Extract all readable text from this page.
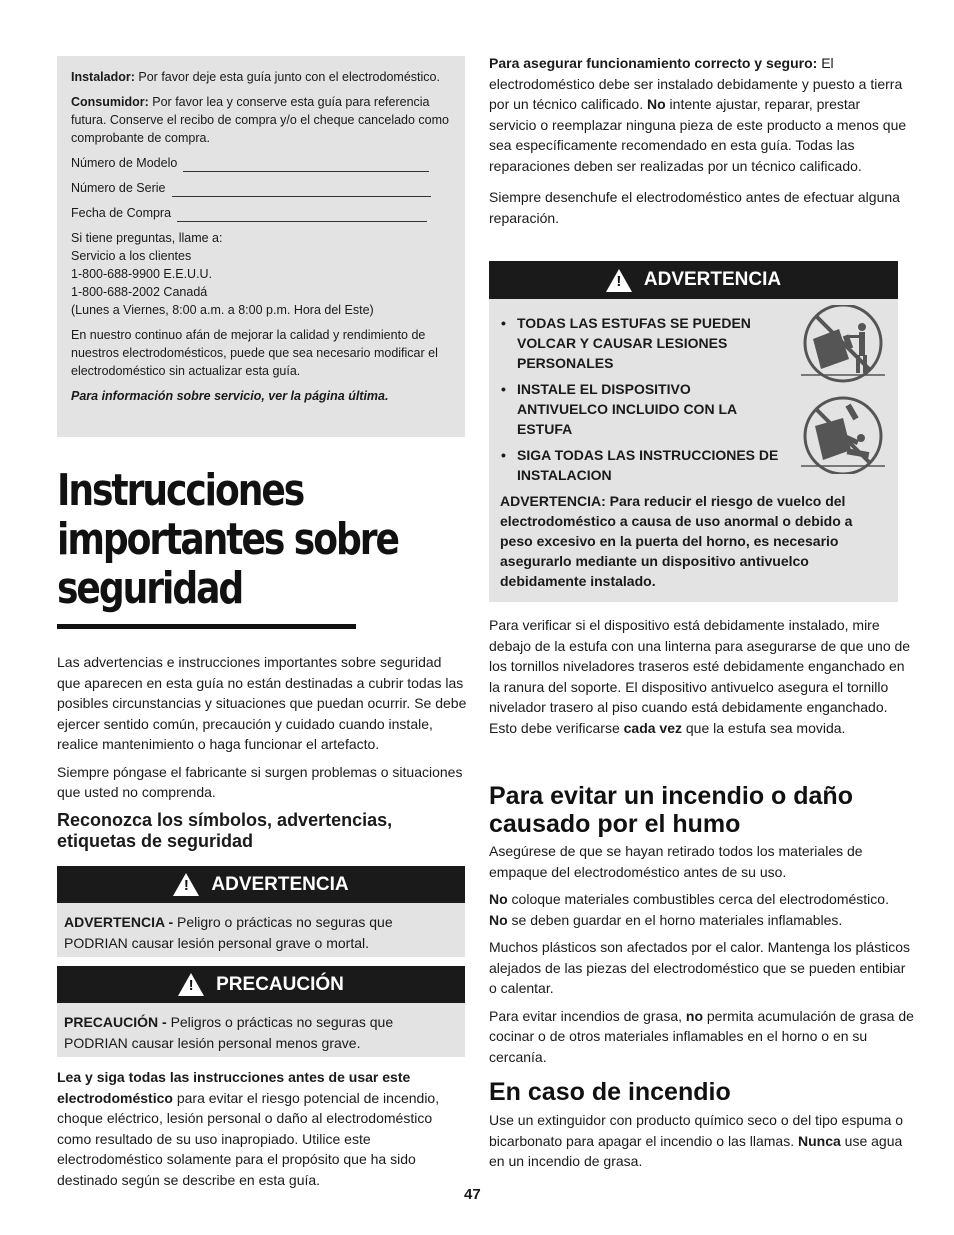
Instalador: Por favor deje esta guía junto con el electrodoméstico.

Consumidor: Por favor lea y conserve esta guía para referencia futura. Conserve el recibo de compra y/o el cheque cancelado como comprobante de compra.

Número de Modelo
Número de Serie
Fecha de Compra

Si tiene preguntas, llame a:
Servicio a los clientes
1-800-688-9900 E.E.U.U.
1-800-688-2002 Canadá
(Lunes a Viernes, 8:00 a.m. a 8:00 p.m. Hora del Este)

En nuestro continuo afán de mejorar la calidad y rendimiento de nuestros electrodomésticos, puede que sea necesario modificar el electrodoméstico sin actualizar esta guía.

Para información sobre servicio, ver la página última.

Instrucciones
importantes sobre
seguridad

Las advertencias e instrucciones importantes sobre seguridad que aparecen en esta guía no están destinadas a cubrir todas las posibles circunstancias y situaciones que puedan ocurrir. Se debe ejercer sentido común, precaución y cuidado cuando instale, realice mantenimiento o haga funcionar el artefacto.

Siempre póngase el fabricante si surgen problemas o situaciones que usted no comprenda.

Reconozca los símbolos, advertencias, etiquetas de seguridad

! ADVERTENCIA
ADVERTENCIA - Peligro o prácticas no seguras que PODRIAN causar lesión personal grave o mortal.
! PRECAUCIÓN
PRECAUCIÓN - Peligros o prácticas no seguras que PODRIAN causar lesión personal menos grave.

Lea y siga todas las instrucciones antes de usar este electrodoméstico para evitar el riesgo potencial de incendio, choque eléctrico, lesión personal o daño al electrodoméstico como resultado de su uso inapropiado. Utilice este electrodoméstico solamente para el propósito que ha sido destinado según se describe en esta guía.

Para asegurar funcionamiento correcto y seguro: El electrodoméstico debe ser instalado debidamente y puesto a tierra por un técnico calificado. No intente ajustar, reparar, prestar servicio o reemplazar ninguna pieza de este producto a menos que sea específicamente recomendado en esta guía. Todas las reparaciones deben ser realizadas por un técnico calificado.

Siempre desenchufe el electrodoméstico antes de efectuar alguna reparación.

! ADVERTENCIA
• TODAS LAS ESTUFAS SE PUEDEN VOLCAR Y CAUSAR LESIONES PERSONALES
• INSTALE EL DISPOSITIVO ANTIVUELCO INCLUIDO CON LA ESTUFA
• SIGA TODAS LAS INSTRUCCIONES DE INSTALACION

ADVERTENCIA: Para reducir el riesgo de vuelco del electrodoméstico a causa de uso anormal o debido a peso excesivo en la puerta del horno, es necesario asegurarlo mediante un dispositivo antivuelco debidamente instalado.

Para verificar si el dispositivo está debidamente instalado, mire debajo de la estufa con una linterna para asegurarse de que uno de los tornillos niveladores traseros esté debidamente enganchado en la ranura del soporte. El dispositivo antivuelco asegura el tornillo nivelador trasero al piso cuando está debidamente enganchado. Esto debe verificarse cada vez que la estufa sea movida.

Para evitar un incendio o daño causado por el humo

Asegúrese de que se hayan retirado todos los materiales de empaque del electrodoméstico antes de su uso.

No coloque materiales combustibles cerca del electrodoméstico.
No se deben guardar en el horno materiales inflamables.

Muchos plásticos son afectados por el calor. Mantenga los plásticos alejados de las piezas del electrodoméstico que se pueden entibiar o calentar.

Para evitar incendios de grasa, no permita acumulación de grasa de cocinar o de otros materiales inflamables en el horno o en su cercanía.

En caso de incendio

Use un extinguidor con producto químico seco o del tipo espuma o bicarbonato para apagar el incendio o las llamas. Nunca use agua en un incendio de grasa.

47
